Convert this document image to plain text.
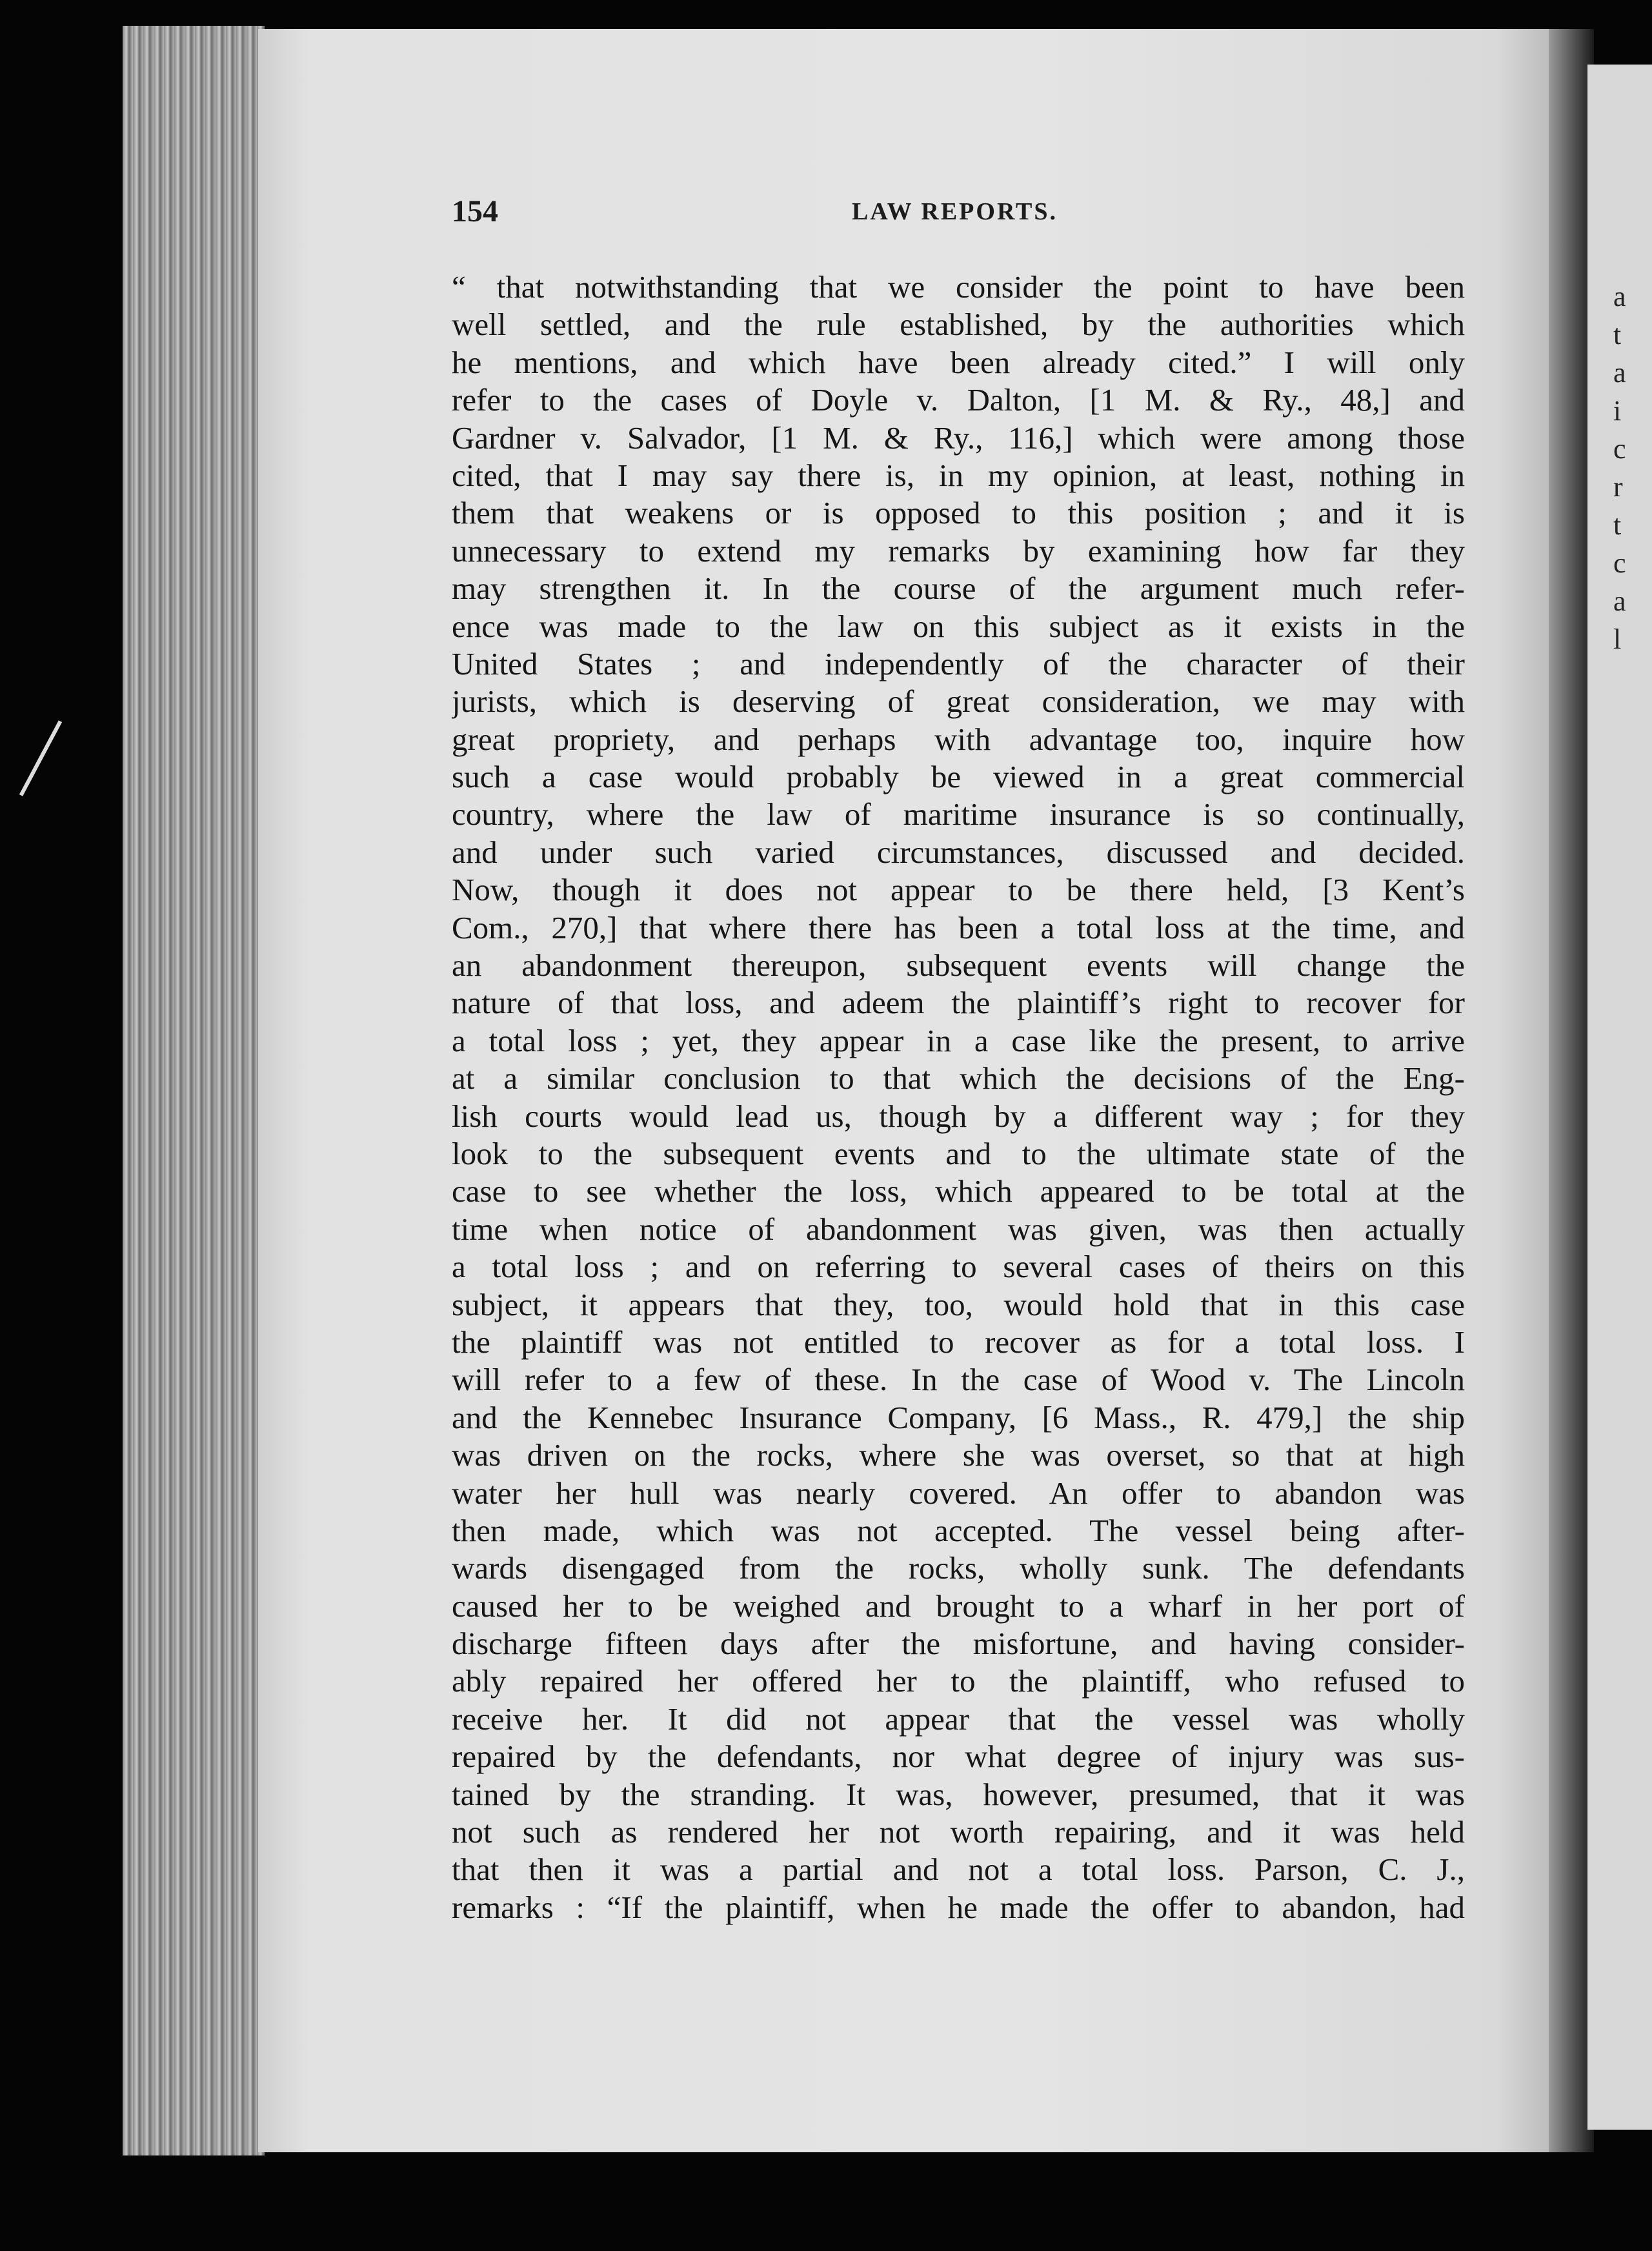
a
t
a
i
c
r
t
c
a
l
154	LAW REPORTS.
“ that notwithstanding that we consider the point to have been
well settled, and the rule established, by the authorities which
he mentions, and which have been already cited.” I will only
refer to the cases of Doyle v. Dalton, [1 M. & Ry., 48,] and
Gardner v. Salvador, [1 M. & Ry., 116,] which were among those
cited, that I may say there is, in my opinion, at least, nothing in
them that weakens or is opposed to this position ; and it is
unnecessary to extend my remarks by examining how far they
may strengthen it. In the course of the argument much refer-
ence was made to the law on this subject as it exists in the
United States ; and independently of the character of their
jurists, which is deserving of great consideration, we may with
great propriety, and perhaps with advantage too, inquire how
such a case would probably be viewed in a great commercial
country, where the law of maritime insurance is so continually,
and under such varied circumstances, discussed and decided.
Now, though it does not appear to be there held, [3 Kent’s
Com., 270,] that where there has been a total loss at the time, and
an abandonment thereupon, subsequent events will change the
nature of that loss, and adeem the plaintiff’s right to recover for
a total loss ; yet, they appear in a case like the present, to arrive
at a similar conclusion to that which the decisions of the Eng-
lish courts would lead us, though by a different way ; for they
look to the subsequent events and to the ultimate state of the
case to see whether the loss, which appeared to be total at the
time when notice of abandonment was given, was then actually
a total loss ; and on referring to several cases of theirs on this
subject, it appears that they, too, would hold that in this case
the plaintiff was not entitled to recover as for a total loss. I
will refer to a few of these. In the case of Wood v. The Lincoln
and the Kennebec Insurance Company, [6 Mass., R. 479,] the ship
was driven on the rocks, where she was overset, so that at high
water her hull was nearly covered. An offer to abandon was
then made, which was not accepted. The vessel being after-
wards disengaged from the rocks, wholly sunk. The defendants
caused her to be weighed and brought to a wharf in her port of
discharge fifteen days after the misfortune, and having consider-
ably repaired her offered her to the plaintiff, who refused to
receive her. It did not appear that the vessel was wholly
repaired by the defendants, nor what degree of injury was sus-
tained by the stranding. It was, however, presumed, that it was
not such as rendered her not worth repairing, and it was held
that then it was a partial and not a total loss. Parson, C. J.,
remarks : “If the plaintiff, when he made the offer to abandon, had
